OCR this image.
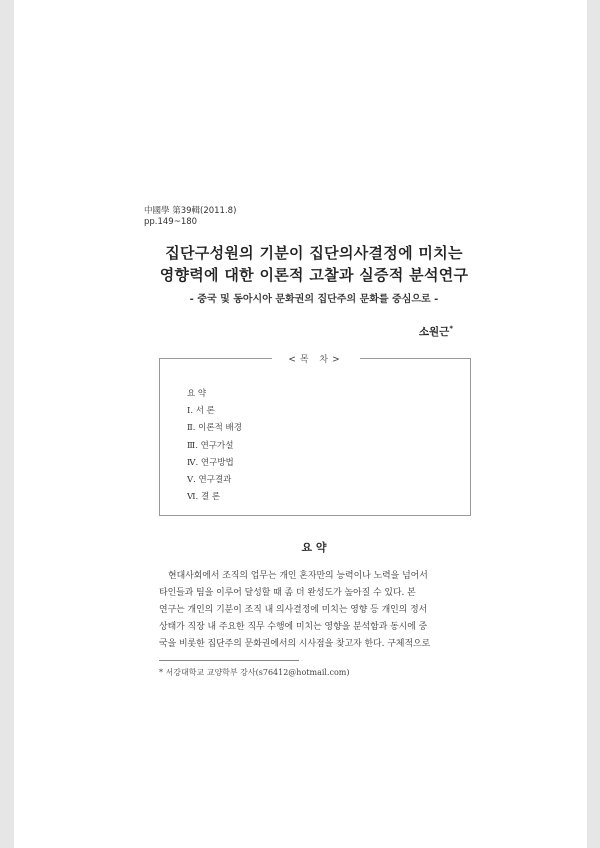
中國學 第39輯(2011.8)
pp.149~180
집단구성원의 기분이 집단의사결정에 미치는
영향력에 대한 이론적 고찰과 실증적 분석연구
- 중국 및 동아시아 문화권의 집단주의 문화를 중심으로 -
소원근*
<목 차>
요 약
Ⅰ. 서 론
Ⅱ. 이론적 배경
Ⅲ. 연구가설
Ⅳ. 연구방법
Ⅴ. 연구결과
Ⅵ. 결 론
요 약
현대사회에서 조직의 업무는 개인 혼자만의 능력이나 노력을 넘어서
타인들과 팀을 이루어 달성할 때 좀 더 완성도가 높아질 수 있다. 본
연구는 개인의 기분이 조직 내 의사결정에 미치는 영향 등 개인의 정서
상태가 직장 내 주요한 직무 수행에 미치는 영향을 분석함과 동시에 중
국을 비롯한 집단주의 문화권에서의 시사점을 찾고자 한다. 구체적으로
* 서강대학교 교양학부 강사(s76412@hotmail.com)
